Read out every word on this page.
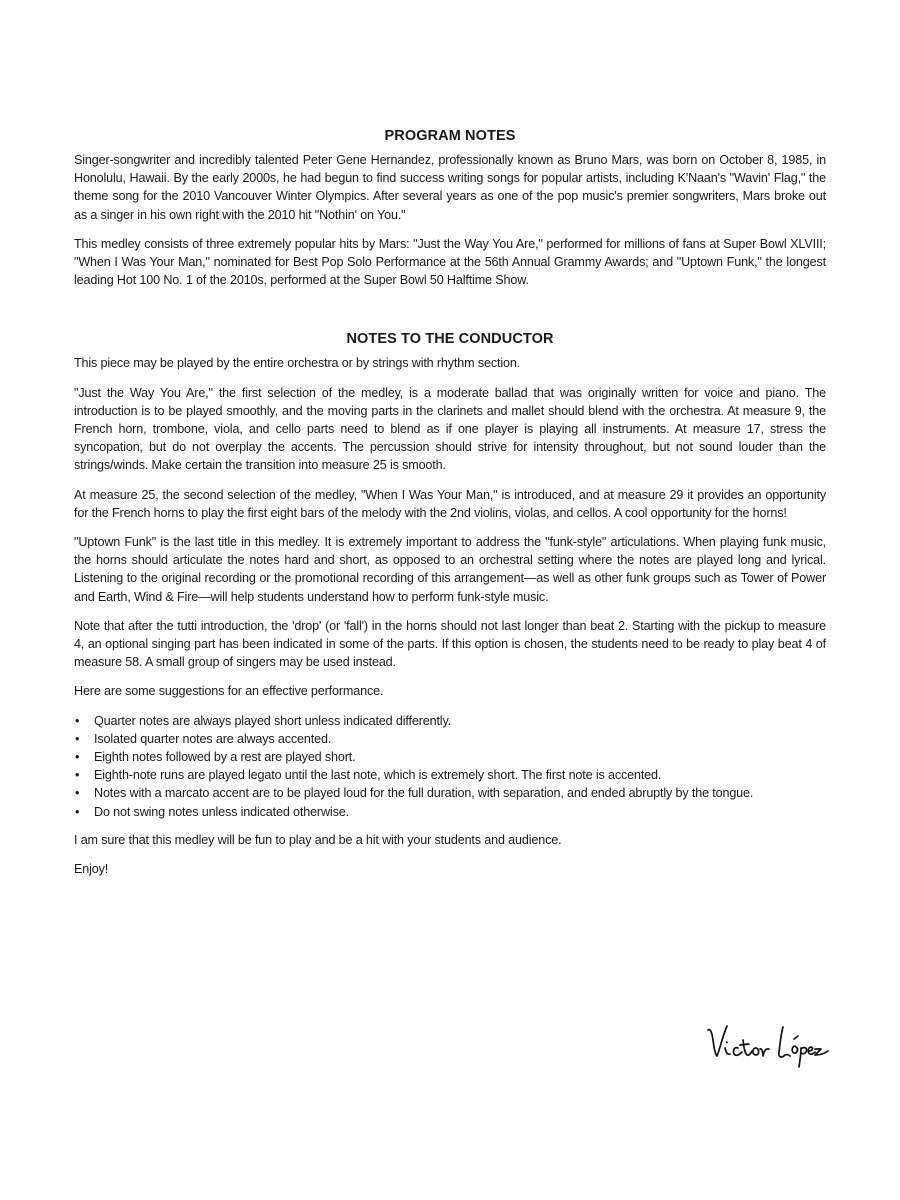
PROGRAM NOTES

Singer-songwriter and incredibly talented Peter Gene Hernandez, professionally known as Bruno Mars, was born on October 8, 1985, in Honolulu, Hawaii. By the early 2000s, he had begun to find success writing songs for popular artists, including K'Naan's "Wavin' Flag," the theme song for the 2010 Vancouver Winter Olympics. After several years as one of the pop music's premier songwriters, Mars broke out as a singer in his own right with the 2010 hit "Nothin' on You."

This medley consists of three extremely popular hits by Mars: "Just the Way You Are," performed for millions of fans at Super Bowl XLVIII; "When I Was Your Man," nominated for Best Pop Solo Performance at the 56th Annual Grammy Awards; and "Uptown Funk," the longest leading Hot 100 No. 1 of the 2010s, performed at the Super Bowl 50 Halftime Show.

NOTES TO THE CONDUCTOR

This piece may be played by the entire orchestra or by strings with rhythm section.

"Just the Way You Are," the first selection of the medley, is a moderate ballad that was originally written for voice and piano. The introduction is to be played smoothly, and the moving parts in the clarinets and mallet should blend with the orchestra. At measure 9, the French horn, trombone, viola, and cello parts need to blend as if one player is playing all instruments. At measure 17, stress the syncopation, but do not overplay the accents. The percussion should strive for intensity throughout, but not sound louder than the strings/winds. Make certain the transition into measure 25 is smooth.

At measure 25, the second selection of the medley, "When I Was Your Man," is introduced, and at measure 29 it provides an opportunity for the French horns to play the first eight bars of the melody with the 2nd violins, violas, and cellos. A cool opportunity for the horns!

"Uptown Funk" is the last title in this medley. It is extremely important to address the "funk-style" articulations. When playing funk music, the horns should articulate the notes hard and short, as opposed to an orchestral setting where the notes are played long and lyrical. Listening to the original recording or the promotional recording of this arrangement—as well as other funk groups such as Tower of Power and Earth, Wind & Fire—will help students understand how to perform funk-style music.

Note that after the tutti introduction, the 'drop' (or 'fall') in the horns should not last longer than beat 2. Starting with the pickup to measure 4, an optional singing part has been indicated in some of the parts. If this option is chosen, the students need to be ready to play beat 4 of measure 58. A small group of singers may be used instead.

Here are some suggestions for an effective performance.

• Quarter notes are always played short unless indicated differently.
• Isolated quarter notes are always accented.
• Eighth notes followed by a rest are played short.
• Eighth-note runs are played legato until the last note, which is extremely short. The first note is accented.
• Notes with a marcato accent are to be played loud for the full duration, with separation, and ended abruptly by the tongue.
• Do not swing notes unless indicated otherwise.

I am sure that this medley will be fun to play and be a hit with your students and audience.

Enjoy!
